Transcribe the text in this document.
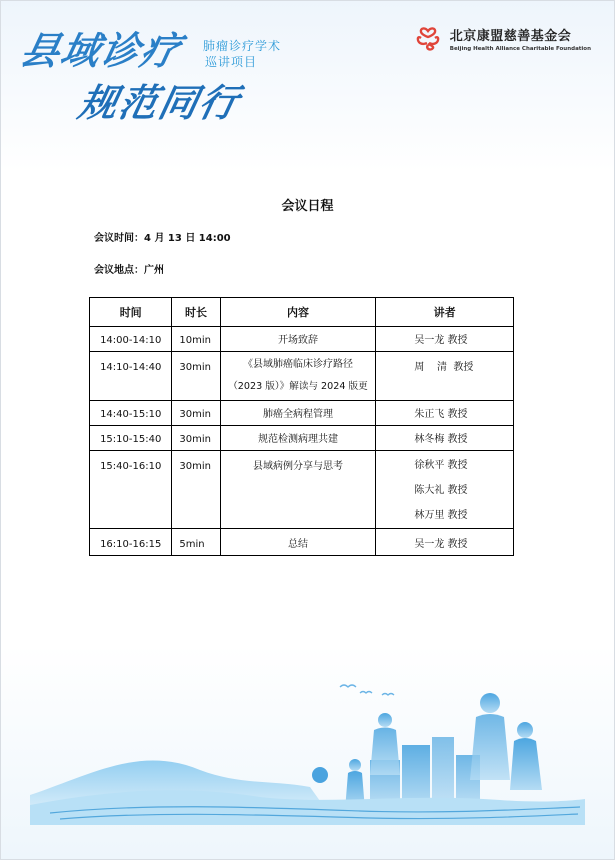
县域诊疗
规范同行
肺瘤诊疗学术
巡讲项目
北京康盟慈善基金会
Beijing Health Alliance Charitable Foundation
会议日程
会议时间：4 月 13 日 14:00
会议地点：广州
时间	时长	内容	讲者

14:00-14:10	10min	开场致辞	吴一龙 教授

14:10-14:40	30min	《县域肺癌临床诊疗路径
（2023 版）》解读与 2024 版更	周    清  教授

14:40-15:10	30min	肺癌全病程管理	朱正飞 教授

15:10-15:40	30min	规范检测病理共建	林冬梅 教授

15:40-16:10	30min	县域病例分享与思考	徐秋平 教授
陈大礼 教授
林万里 教授

16:10-16:15	5min	总结	吴一龙 教授
